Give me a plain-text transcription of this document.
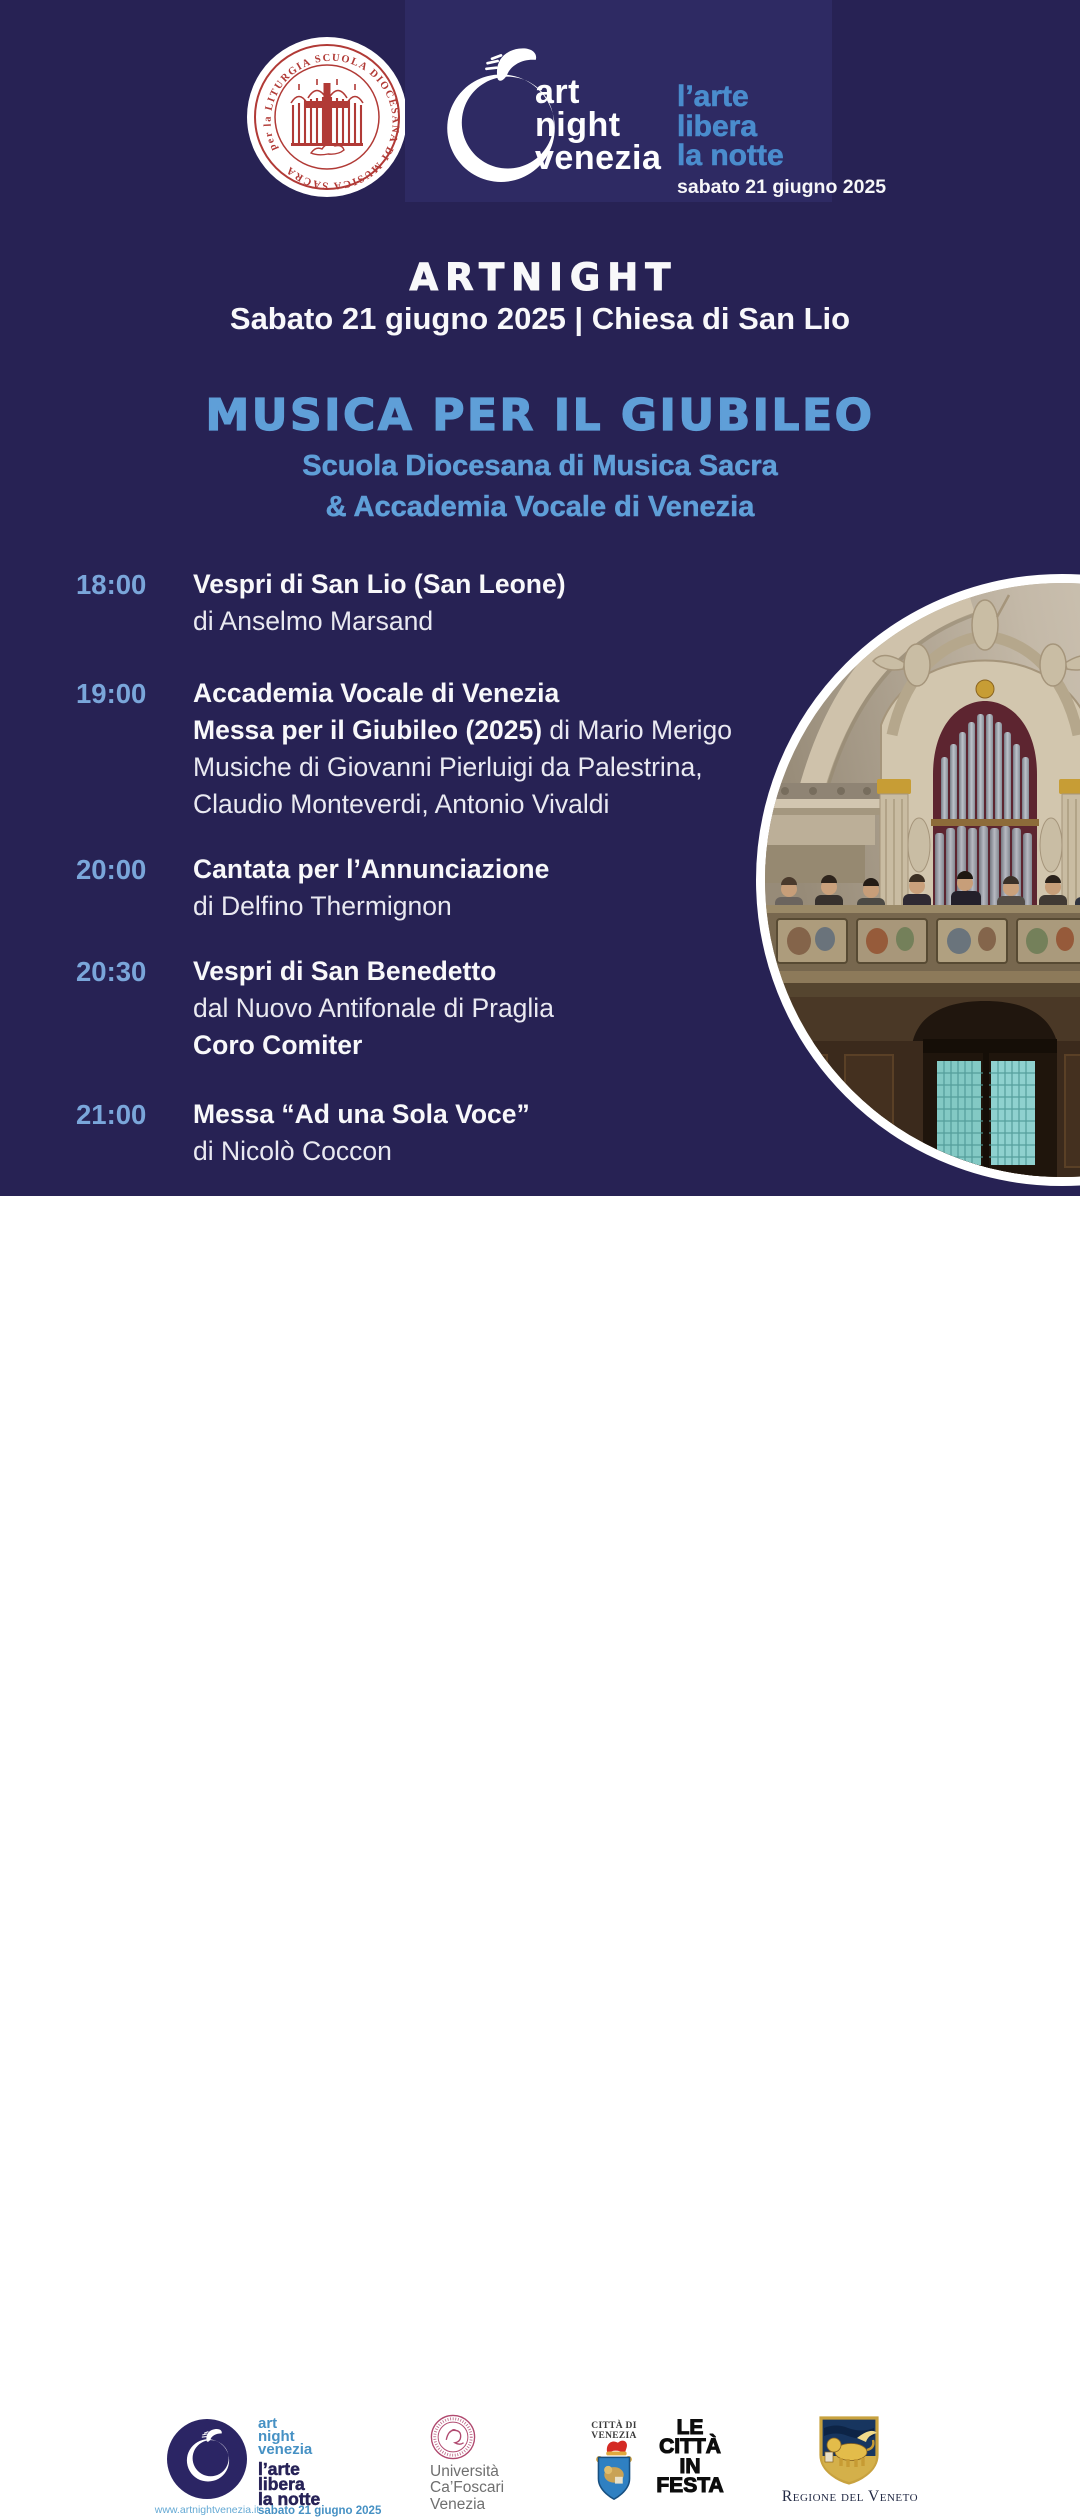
per la LITURGIA SCUOLA DIOCESANA DI MUSICA SACRA
art
night
venezia
l’arte
libera
la notte
sabato 21 giugno 2025
ARTNIGHT
Sabato 21 giugno 2025 | Chiesa di San Lio
MUSICA PER IL GIUBILEO
Scuola Diocesana di Musica Sacra
& Accademia Vocale di Venezia
18:00	Vespri di San Lio (San Leone)
di Anselmo Marsand
19:00	Accademia Vocale di Venezia
Messa per il Giubileo (2025) di Mario Merigo
Musiche di Giovanni Pierluigi da Palestrina,
Claudio Monteverdi, Antonio Vivaldi
20:00	Cantata per l’Annunciazione
di Delfino Thermignon
20:30	Vespri di San Benedetto
dal Nuovo Antifonale di Praglia
Coro Comiter
21:00	Messa “Ad una Sola Voce”
di Nicolò Coccon
www.artnightvenezia.it
art
night
venezia
l’arte
libera
la notte
sabato 21 giugno 2025
Università
Ca’Foscari
Venezia
CITTÀ DI
VENEZIA	LE
CITTÀ
IN
FESTA	Regione del Veneto
